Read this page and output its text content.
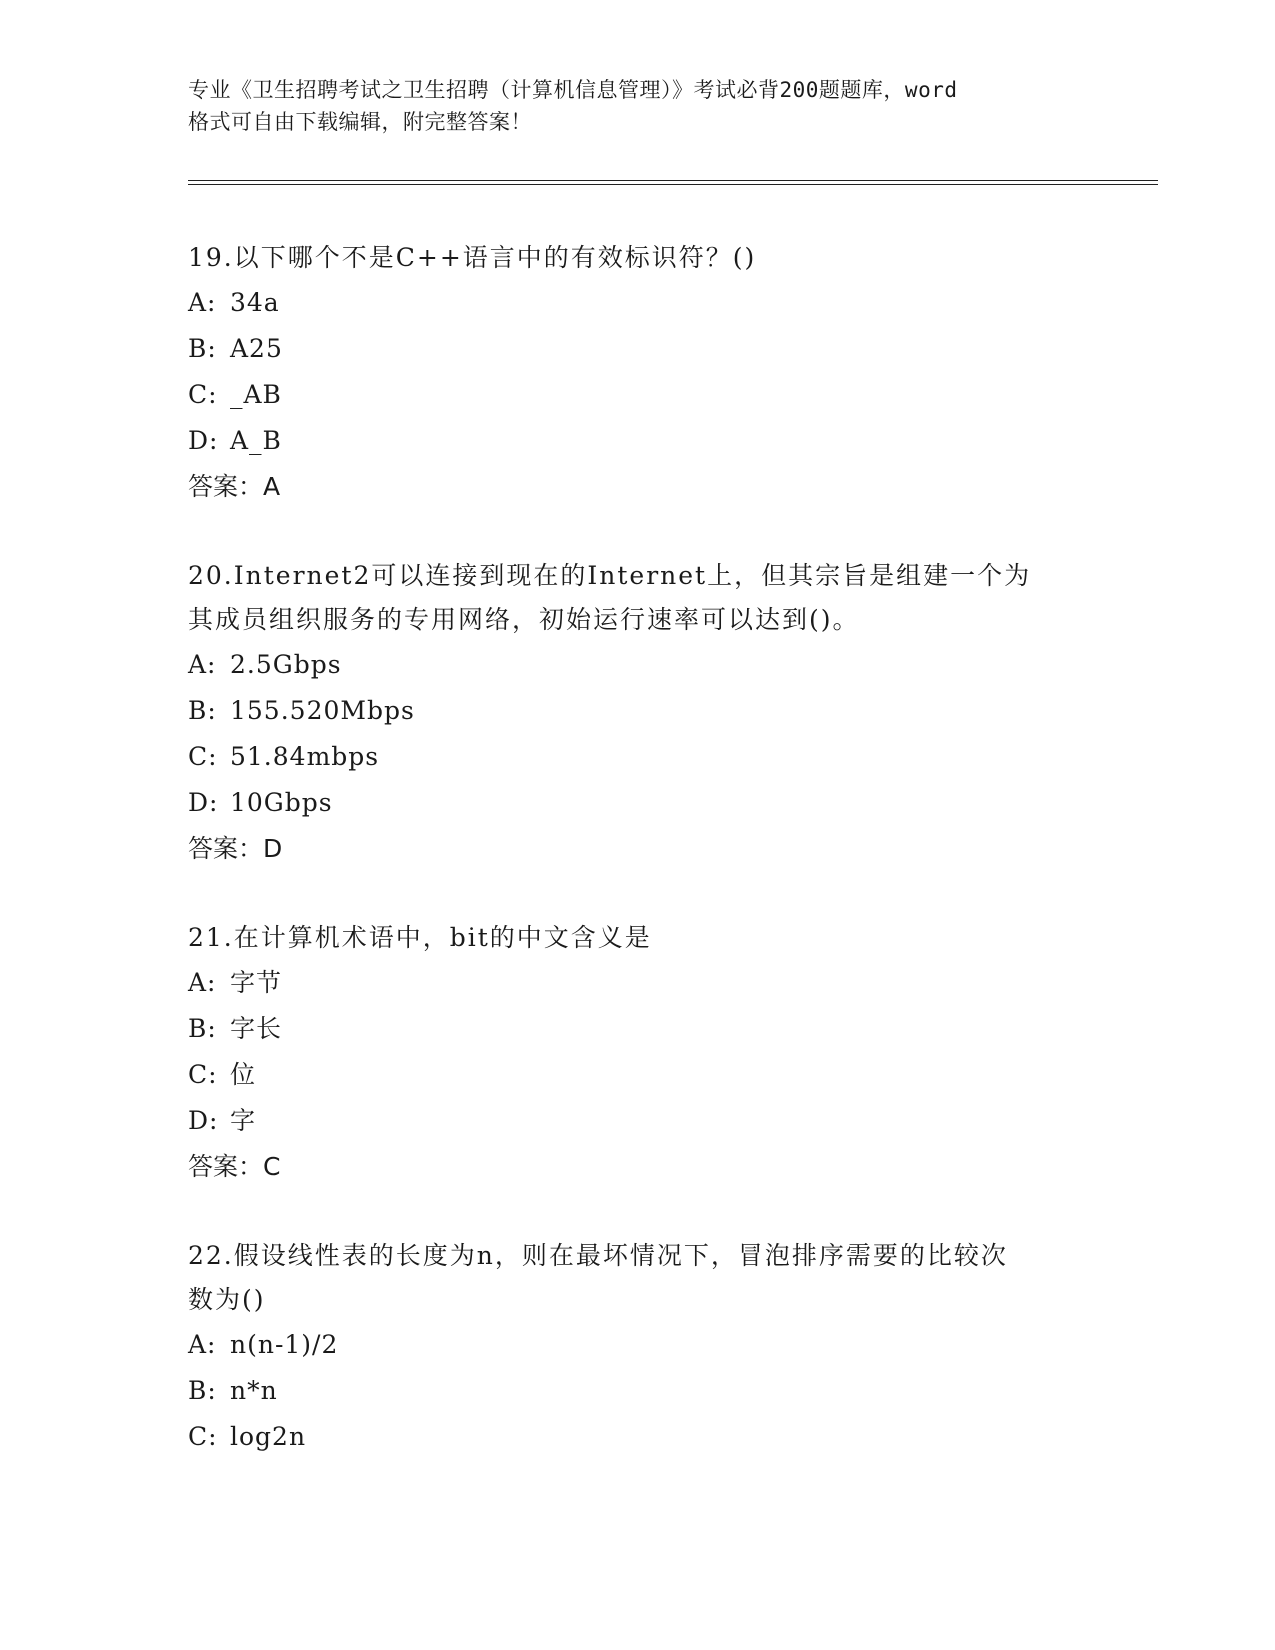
专业《卫生招聘考试之卫生招聘（计算机信息管理）》考试必背200题题库，word
格式可自由下载编辑，附完整答案！
19.以下哪个不是C++语言中的有效标识符？()
A: 34a
B: A25
C: _AB
D: A_B
答案：A
20.Internet2可以连接到现在的Internet上，但其宗旨是组建一个为
其成员组织服务的专用网络，初始运行速率可以达到()。
A: 2.5Gbps
B: 155.520Mbps
C: 51.84mbps
D: 10Gbps
答案：D
21.在计算机术语中，bit的中文含义是
A: 字节
B: 字长
C: 位
D: 字
答案：C
22.假设线性表的长度为n，则在最坏情况下，冒泡排序需要的比较次
数为()
A: n(n-1)/2
B: n*n
C: log2n
